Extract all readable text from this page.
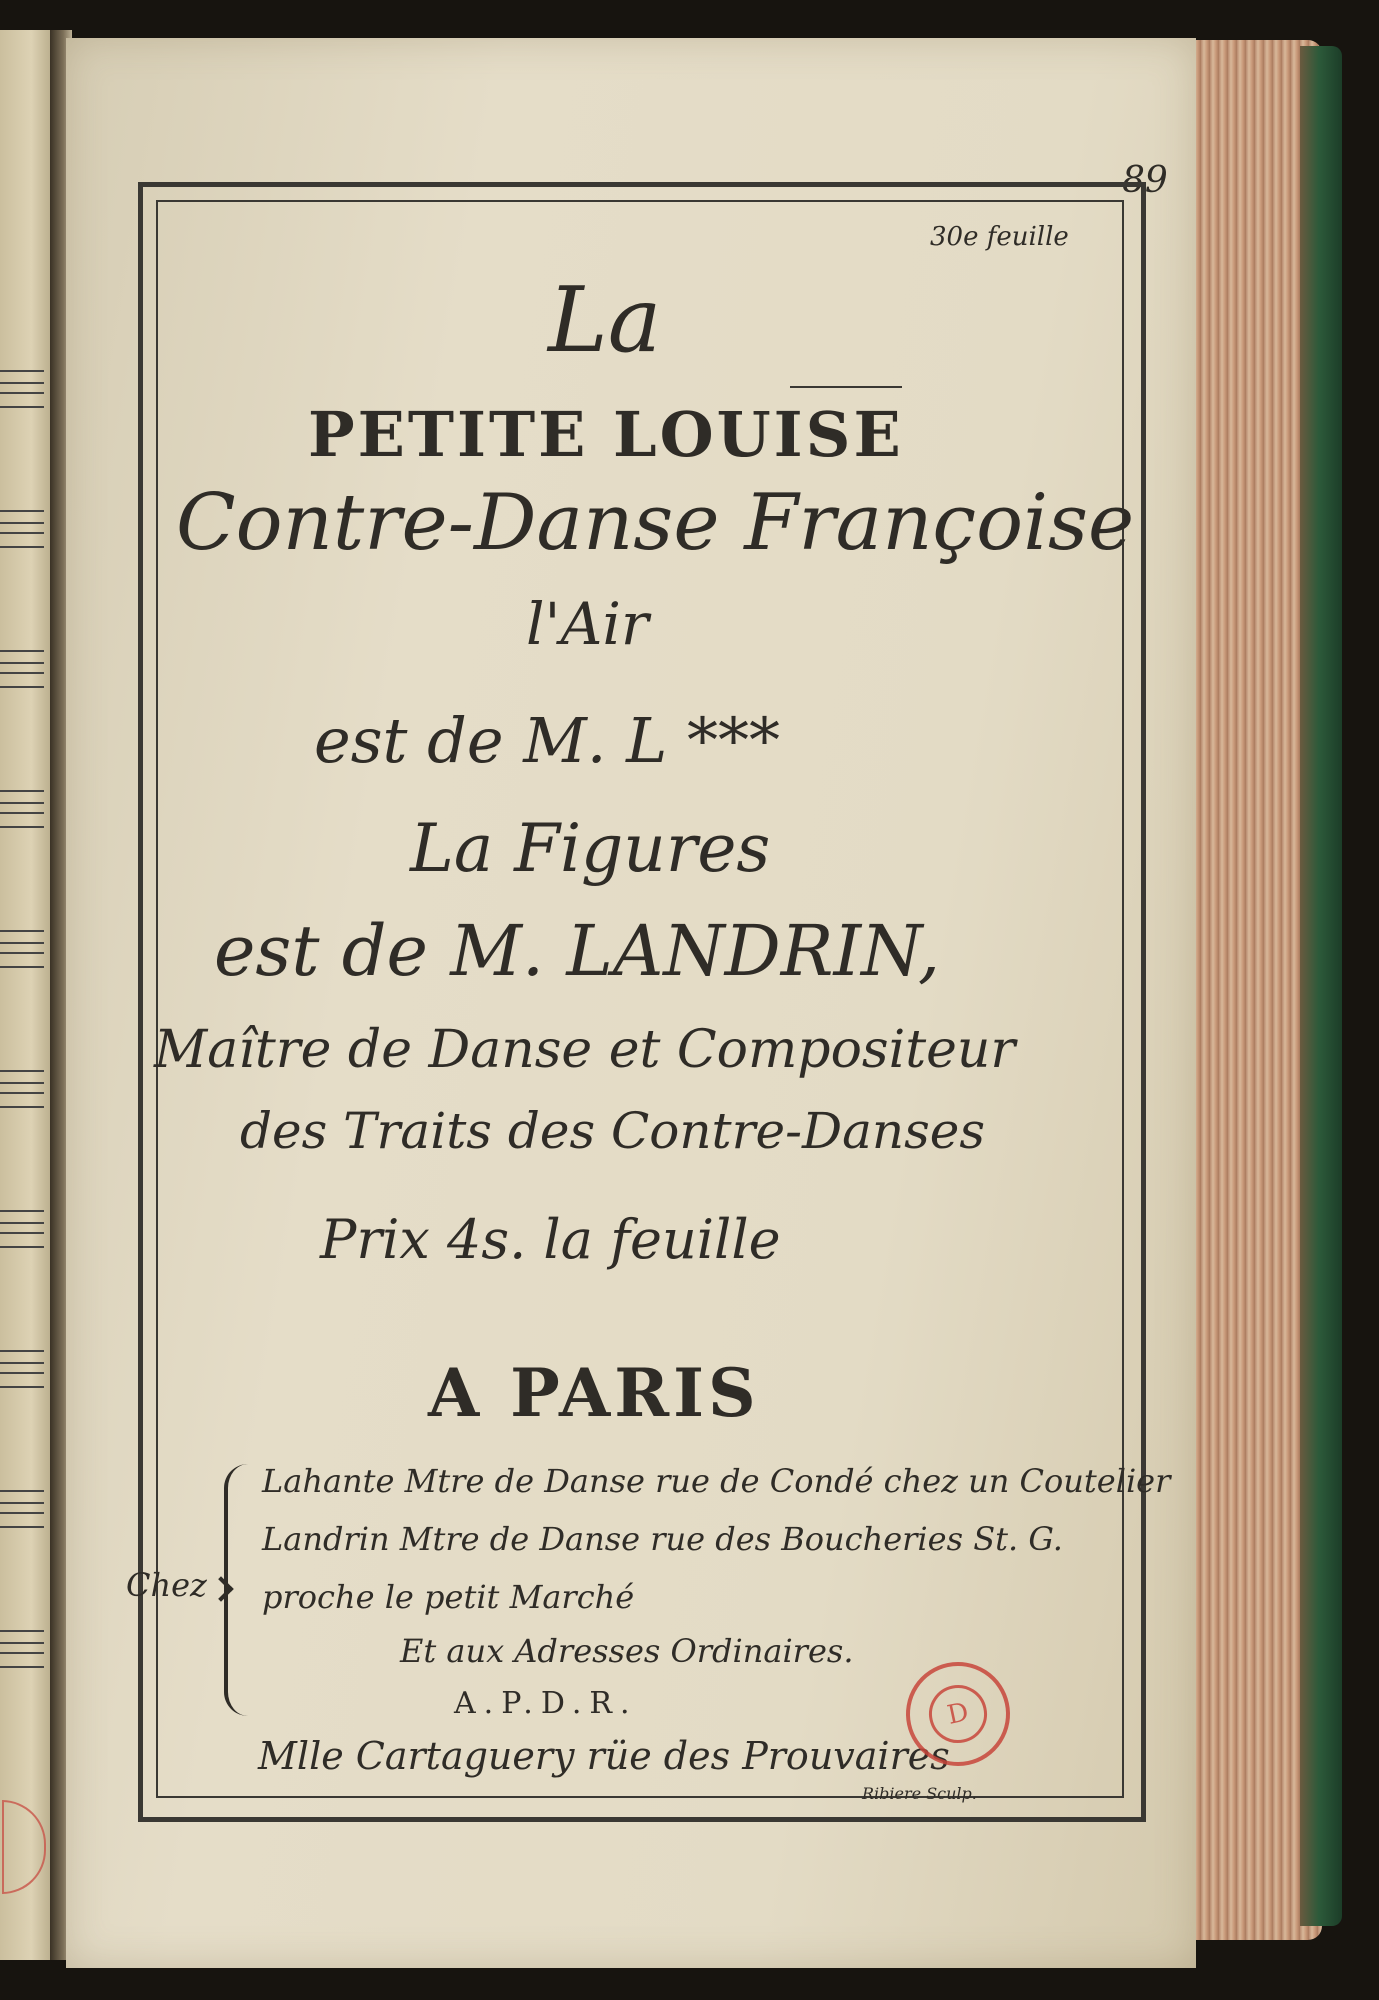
89
30e feuille
La
PETITE LOUISE
Contre-Danse Françoise
l'Air
est de M. L ***
La Figures
est de M. LANDRIN,
Maître de Danse et Compositeur
des Traits des Contre-Danses
Prix 4s. la feuille
A PARIS
Chez
Lahante Mtre de Danse rue de Condé chez un Coutelier
Landrin Mtre de Danse rue des Boucheries St. G.
proche le petit Marché
Et aux Adresses Ordinaires.
A.P.D.R.
Mlle Cartaguery rüe des Prouvaires
Ribiere Sculp.
D
